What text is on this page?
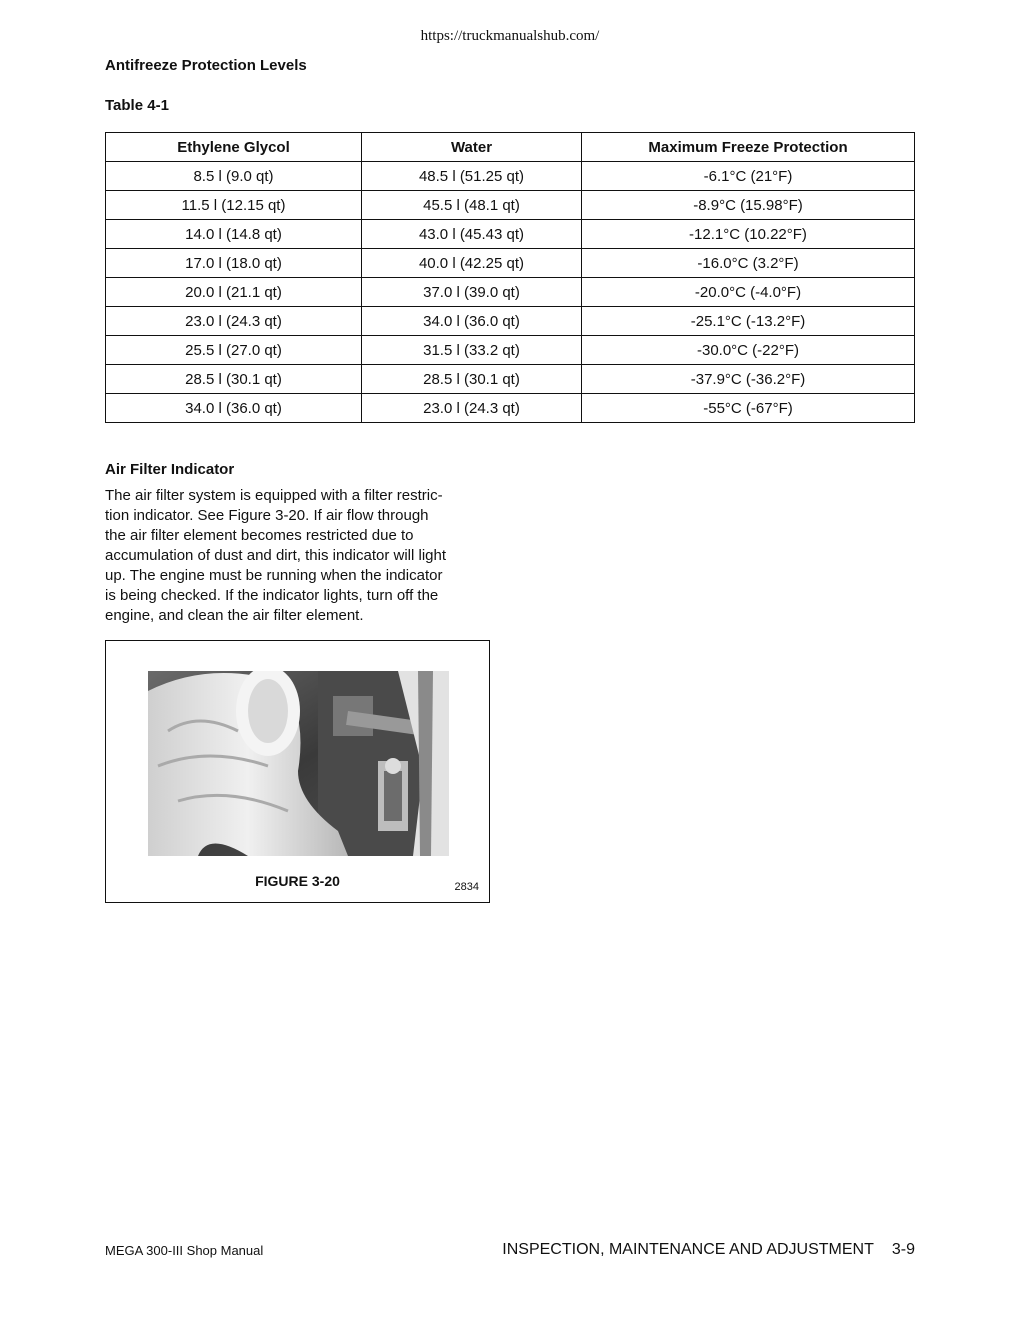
https://truckmanualshub.com/
Antifreeze Protection Levels
Table 4-1
Ethylene Glycol	Water	Maximum Freeze Protection
8.5 l (9.0 qt)	48.5 l (51.25 qt)	-6.1°C (21°F)
11.5 l (12.15 qt)	45.5 l (48.1 qt)	-8.9°C (15.98°F)
14.0 l (14.8 qt)	43.0 l (45.43 qt)	-12.1°C (10.22°F)
17.0 l (18.0 qt)	40.0 l (42.25 qt)	-16.0°C (3.2°F)
20.0 l (21.1 qt)	37.0 l (39.0 qt)	-20.0°C (-4.0°F)
23.0 l (24.3 qt)	34.0 l (36.0 qt)	-25.1°C (-13.2°F)
25.5 l (27.0 qt)	31.5 l (33.2 qt)	-30.0°C (-22°F)
28.5 l (30.1 qt)	28.5 l (30.1 qt)	-37.9°C (-36.2°F)
34.0 l (36.0 qt)	23.0 l (24.3 qt)	-55°C (-67°F)
Air Filter Indicator
The air filter system is equipped with a filter restric-
tion indicator. See Figure 3-20. If air flow through
the air filter element becomes restricted due to
accumulation of dust and dirt, this indicator will light
up. The engine must be running when the indicator
is being checked. If the indicator lights, turn off the
engine, and clean the air filter element.
FIGURE 3-20	2834
MEGA 300-III Shop Manual	INSPECTION, MAINTENANCE AND ADJUSTMENT 3-9
